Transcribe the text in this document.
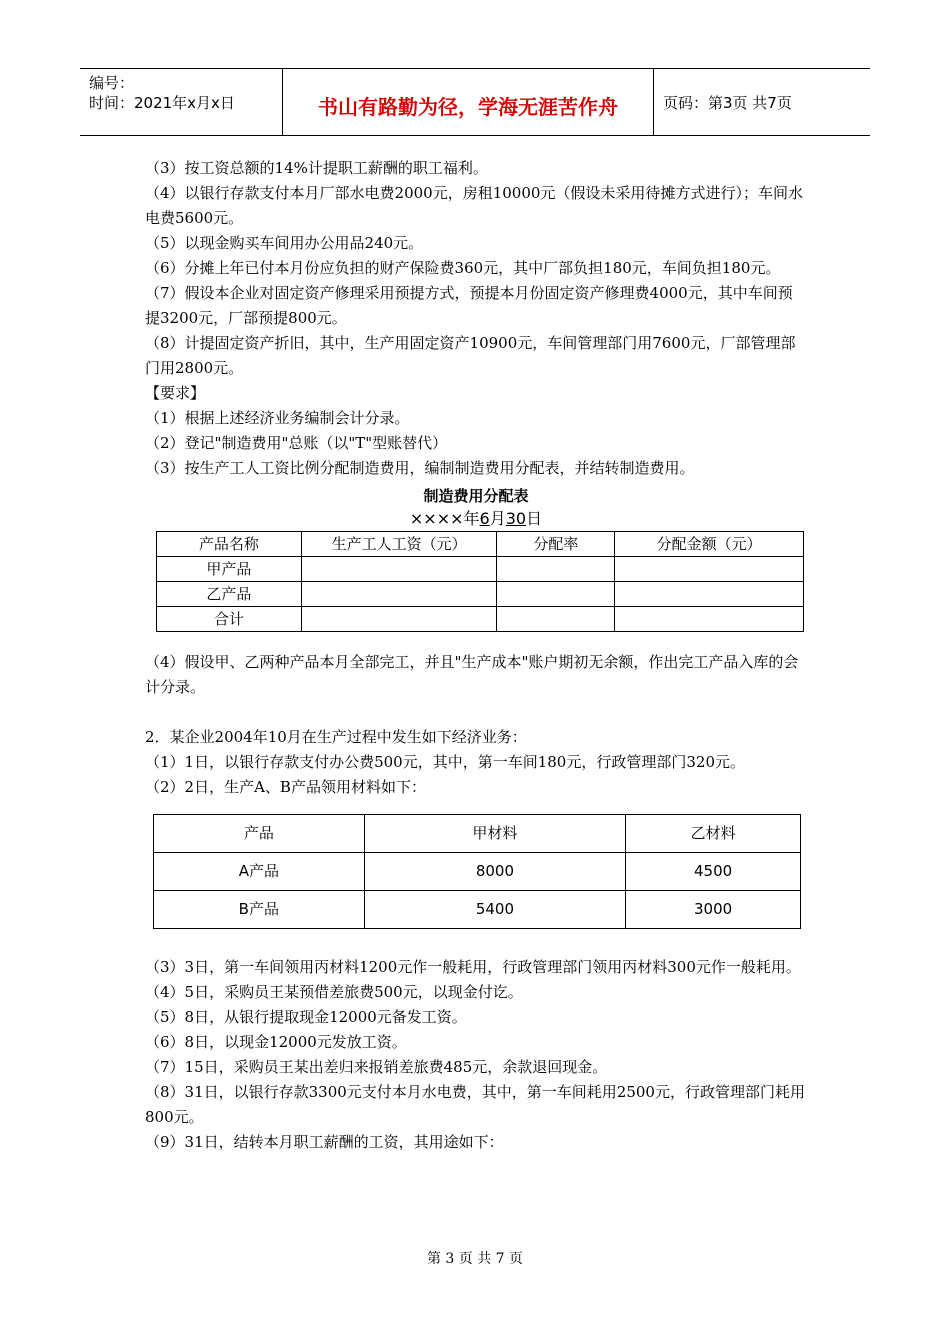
编号：
时间：2021年x月x日	书山有路勤为径，学海无涯苦作舟	页码：第3页 共7页

（3）按工资总额的14%计提职工薪酬的职工福利。

（4）以银行存款支付本月厂部水电费2000元，房租10000元（假设未采用待摊方式进行）；车间水电费5600元。

（5）以现金购买车间用办公用品240元。

（6）分摊上年已付本月份应负担的财产保险费360元，其中厂部负担180元，车间负担180元。

（7）假设本企业对固定资产修理采用预提方式，预提本月份固定资产修理费4000元，其中车间预提3200元，厂部预提800元。

（8）计提固定资产折旧，其中，生产用固定资产10900元，车间管理部门用7600元，厂部管理部门用2800元。

【要求】

（1）根据上述经济业务编制会计分录。

（2）登记"制造费用"总账（以"T"型账替代）

（3）按生产工人工资比例分配制造费用，编制制造费用分配表，并结转制造费用。

制造费用分配表
××××年6月30日
产品名称	生产工人工资（元）	分配率	分配金额（元）
甲产品			
乙产品			
合计			

（4）假设甲、乙两种产品本月全部完工，并且"生产成本"账户期初无余额，作出完工产品入库的会计分录。

2．某企业2004年10月在生产过程中发生如下经济业务：

（1）1日，以银行存款支付办公费500元，其中，第一车间180元，行政管理部门320元。

（2）2日，生产A、B产品领用材料如下：

产品	甲材料	乙材料
A产品	8000	4500
B产品	5400	3000

（3）3日，第一车间领用丙材料1200元作一般耗用，行政管理部门领用丙材料300元作一般耗用。

（4）5日，采购员王某预借差旅费500元，以现金付讫。

（5）8日，从银行提取现金12000元备发工资。

（6）8日，以现金12000元发放工资。

（7）15日，采购员王某出差归来报销差旅费485元，余款退回现金。

（8）31日，以银行存款3300元支付本月水电费，其中，第一车间耗用2500元，行政管理部门耗用800元。

（9）31日，结转本月职工薪酬的工资，其用途如下：

第 3 页 共 7 页
